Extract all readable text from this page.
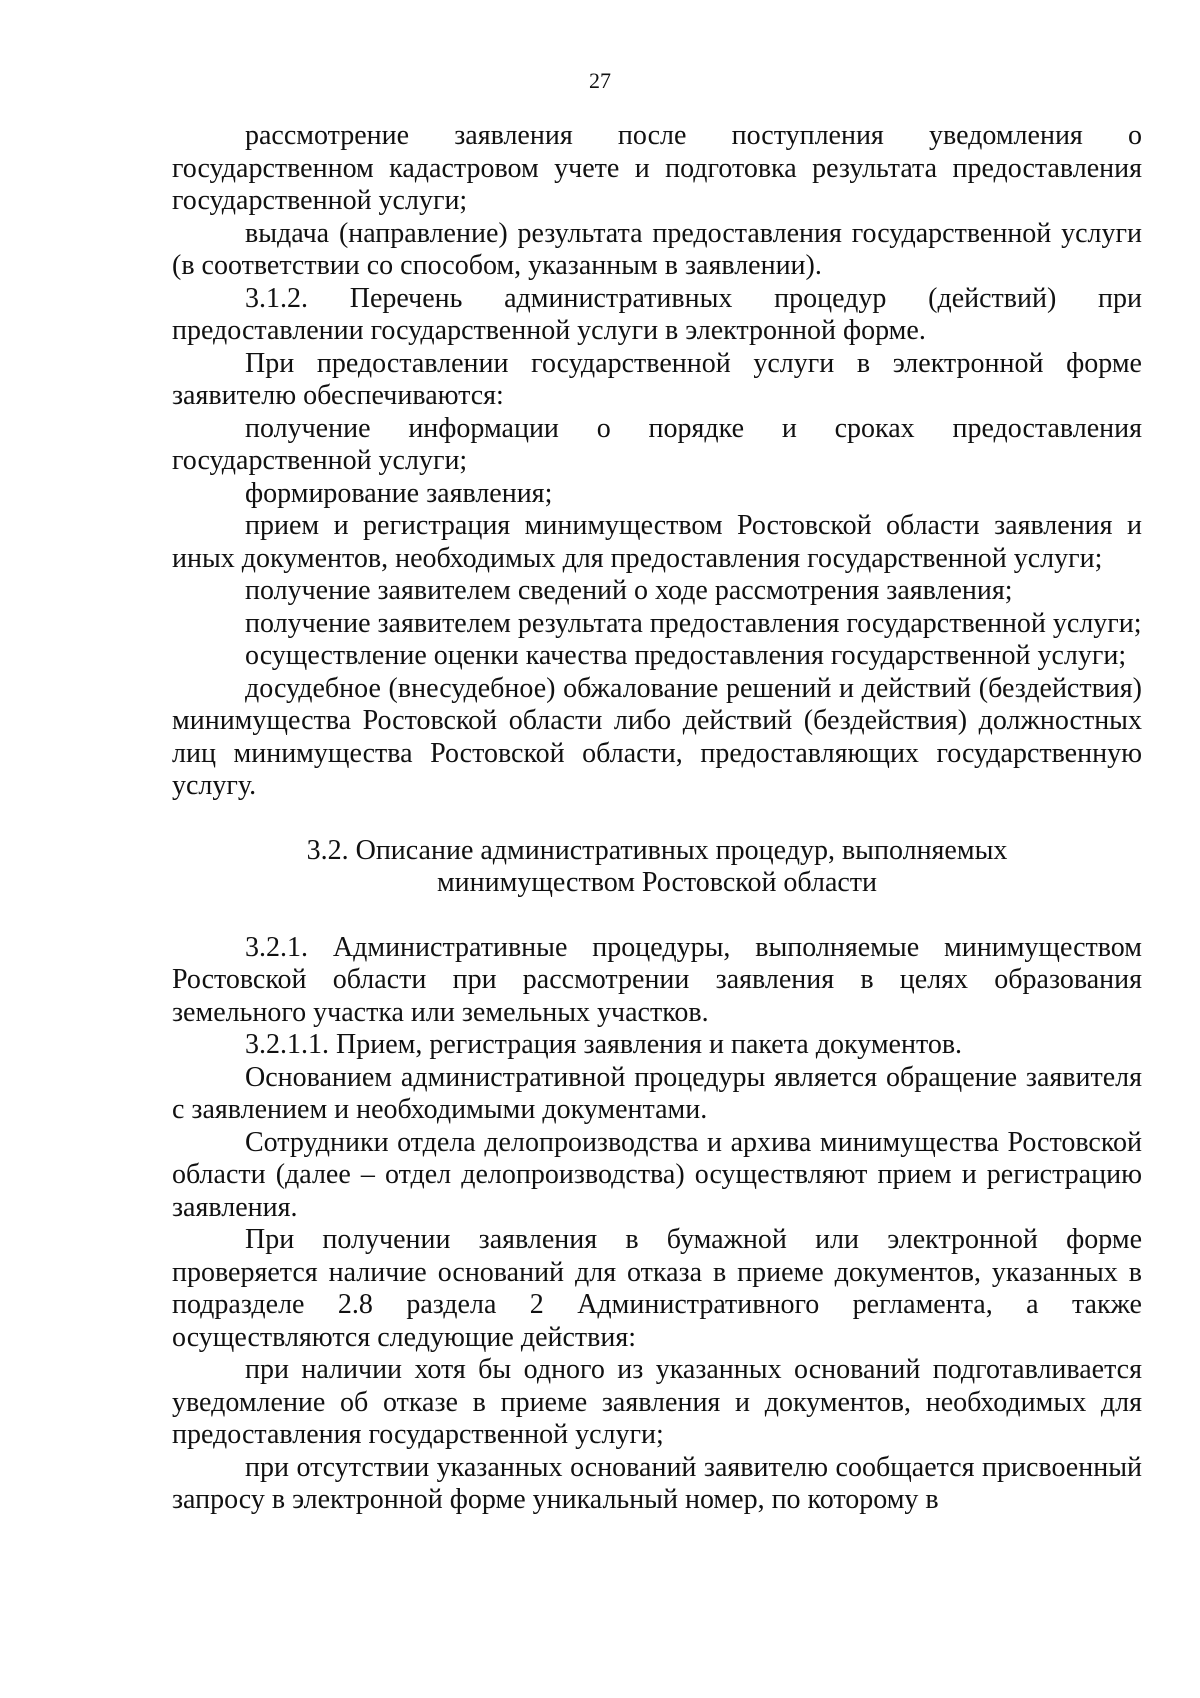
27

рассмотрение заявления после поступления уведомления о государственном кадастровом учете и подготовка результата предоставления государственной услуги;

выдача (направление) результата предоставления государственной услуги (в соответствии со способом, указанным в заявлении).

3.1.2. Перечень административных процедур (действий) при предоставлении государственной услуги в электронной форме.

При предоставлении государственной услуги в электронной форме заявителю обеспечиваются:

получение информации о порядке и сроках предоставления государственной услуги;

формирование заявления;

прием и регистрация минимуществом Ростовской области заявления и иных документов, необходимых для предоставления государственной услуги;

получение заявителем сведений о ходе рассмотрения заявления;

получение заявителем результата предоставления государственной услуги;

осуществление оценки качества предоставления государственной услуги;

досудебное (внесудебное) обжалование решений и действий (бездействия) минимущества Ростовской области либо действий (бездействия) должностных лиц минимущества Ростовской области, предоставляющих государственную услугу.

3.2. Описание административных процедур, выполняемых
минимуществом Ростовской области

3.2.1. Административные процедуры, выполняемые минимуществом Ростовской области при рассмотрении заявления в целях образования земельного участка или земельных участков.

3.2.1.1. Прием, регистрация заявления и пакета документов.

Основанием административной процедуры является обращение заявителя с заявлением и необходимыми документами.

Сотрудники отдела делопроизводства и архива минимущества Ростовской области (далее – отдел делопроизводства) осуществляют прием и регистрацию заявления.

При получении заявления в бумажной или электронной форме проверяется наличие оснований для отказа в приеме документов, указанных в подразделе 2.8 раздела 2 Административного регламента, а также осуществляются следующие действия:

при наличии хотя бы одного из указанных оснований подготавливается уведомление об отказе в приеме заявления и документов, необходимых для предоставления государственной услуги;

при отсутствии указанных оснований заявителю сообщается присвоенный запросу в электронной форме уникальный номер, по которому в
